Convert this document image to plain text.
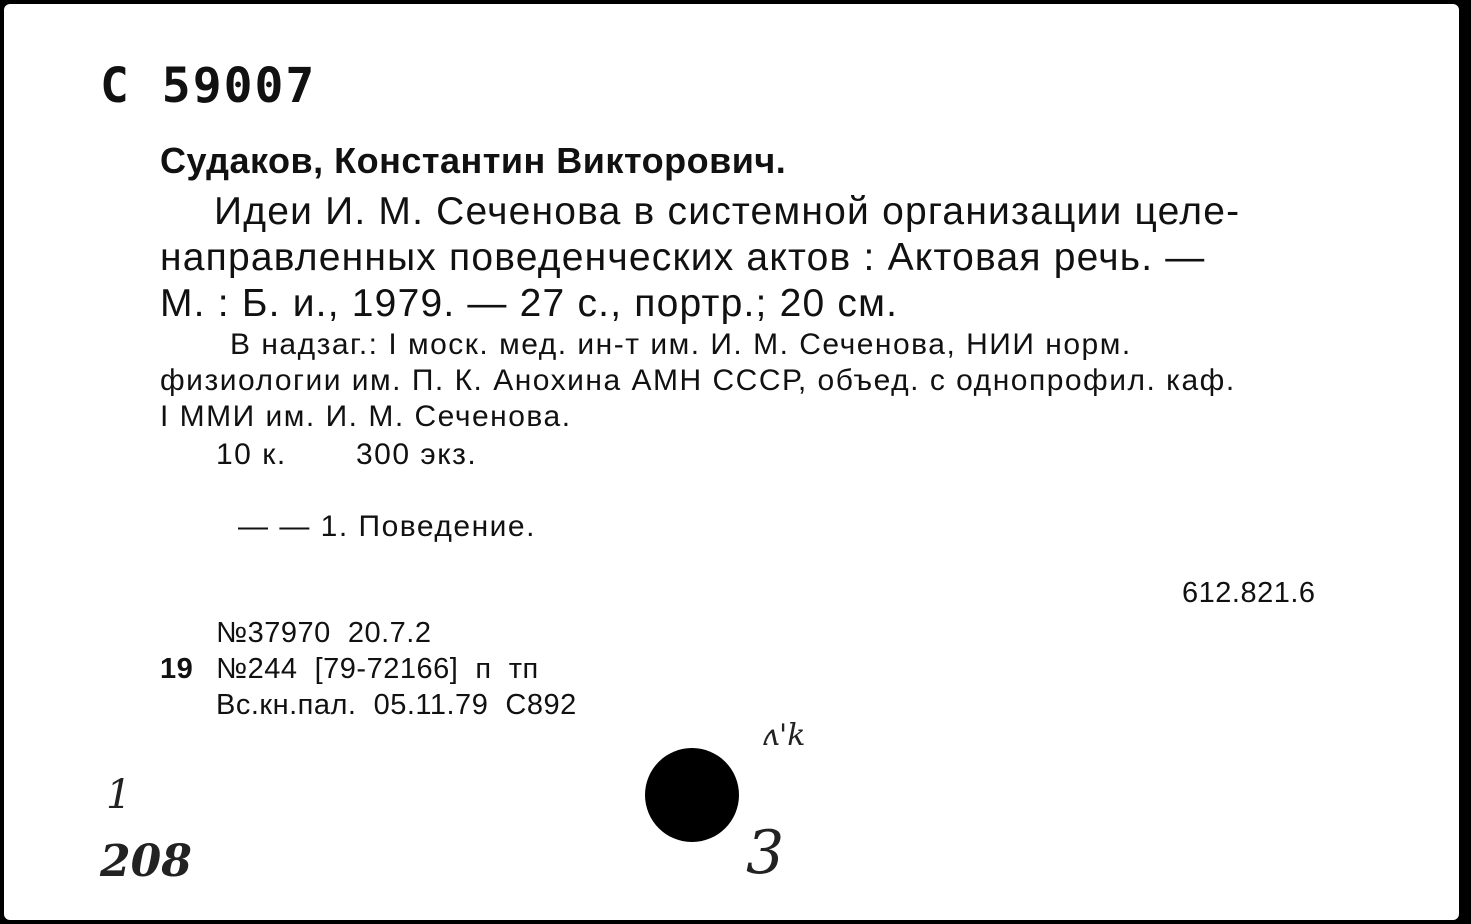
С 59007
Судаков, Константин Викторович.
Идеи И. М. Сеченова в системной организации целе-
направленных поведенческих актов : Актовая речь. —
М. : Б. и., 1979. — 27 с., портр.; 20 см.
В надзаг.: I моск. мед. ин-т им. И. М. Сеченова, НИИ норм.
физиологии им. П. К. Анохина АМН СССР, объед. с однопрофил. каф.
I ММИ им. И. М. Сеченова.
10 к. 300 экз.
— — 1. Поведение.
612.821.6
№37970  20.7.2
19 №244  [79-72166]  п  тп
Вс.кн.пал.  05.11.79  С892
ʌ'k
1
208	3
